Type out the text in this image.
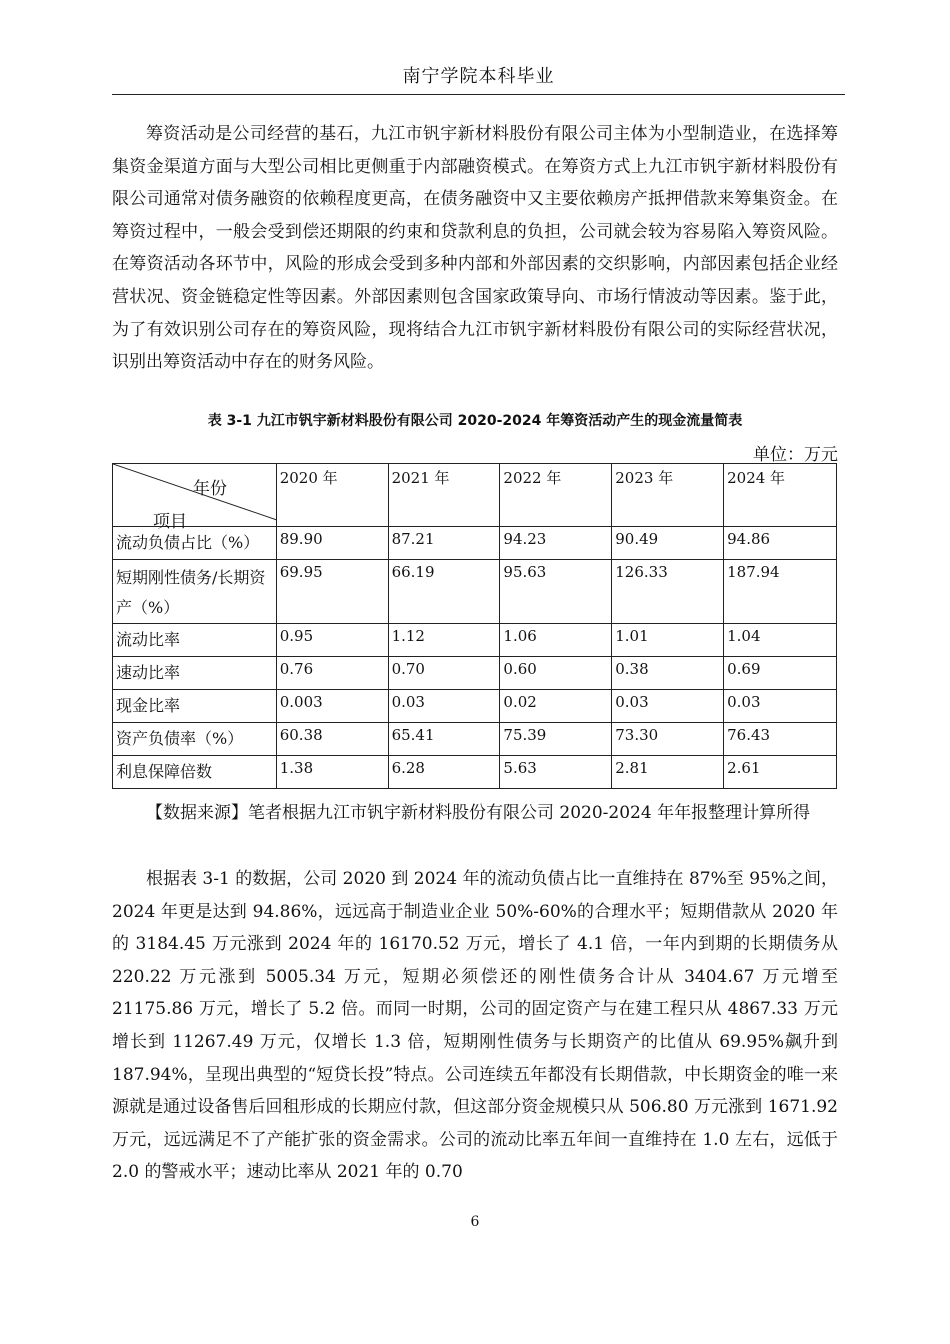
南宁学院本科毕业

筹资活动是公司经营的基石，九江市钒宇新材料股份有限公司主体为小型制造业，在选择筹集资金渠道方面与大型公司相比更侧重于内部融资模式。在筹资方式上九江市钒宇新材料股份有限公司通常对债务融资的依赖程度更高，在债务融资中又主要依赖房产抵押借款来筹集资金。在筹资过程中，一般会受到偿还期限的约束和贷款利息的负担，公司就会较为容易陷入筹资风险。在筹资活动各环节中，风险的形成会受到多种内部和外部因素的交织影响，内部因素包括企业经营状况、资金链稳定性等因素。外部因素则包含国家政策导向、市场行情波动等因素。鉴于此，为了有效识别公司存在的筹资风险，现将结合九江市钒宇新材料股份有限公司的实际经营状况，识别出筹资活动中存在的财务风险。

表 3-1 九江市钒宇新材料股份有限公司 2020-2024 年筹资活动产生的现金流量简表
单位：万元
年份
项目	2020 年	2021 年	2022 年	2023 年	2024 年
流动负债占比（%）	89.90	87.21	94.23	90.49	94.86
短期刚性债务/长期资产（%）	69.95	66.19	95.63	126.33	187.94
流动比率	0.95	1.12	1.06	1.01	1.04
速动比率	0.76	0.70	0.60	0.38	0.69
现金比率	0.003	0.03	0.02	0.03	0.03
资产负债率（%）	60.38	65.41	75.39	73.30	76.43
利息保障倍数	1.38	6.28	5.63	2.81	2.61

【数据来源】笔者根据九江市钒宇新材料股份有限公司 2020-2024 年年报整理计算所得

根据表 3-1 的数据，公司 2020 到 2024 年的流动负债占比一直维持在 87%至 95%之间，2024 年更是达到 94.86%，远远高于制造业企业 50%-60%的合理水平；短期借款从 2020 年的 3184.45 万元涨到 2024 年的 16170.52 万元，增长了 4.1 倍，一年内到期的长期债务从 220.22 万元涨到 5005.34 万元，短期必须偿还的刚性债务合计从 3404.67 万元增至 21175.86 万元，增长了 5.2 倍。而同一时期，公司的固定资产与在建工程只从 4867.33 万元增长到 11267.49 万元，仅增长 1.3 倍，短期刚性债务与长期资产的比值从 69.95%飙升到187.94%，呈现出典型的“短贷长投”特点。公司连续五年都没有长期借款，中长期资金的唯一来源就是通过设备售后回租形成的长期应付款，但这部分资金规模只从 506.80 万元涨到 1671.92 万元，远远满足不了产能扩张的资金需求。公司的流动比率五年间一直维持在 1.0 左右，远低于 2.0 的警戒水平；速动比率从 2021 年的 0.70

6
